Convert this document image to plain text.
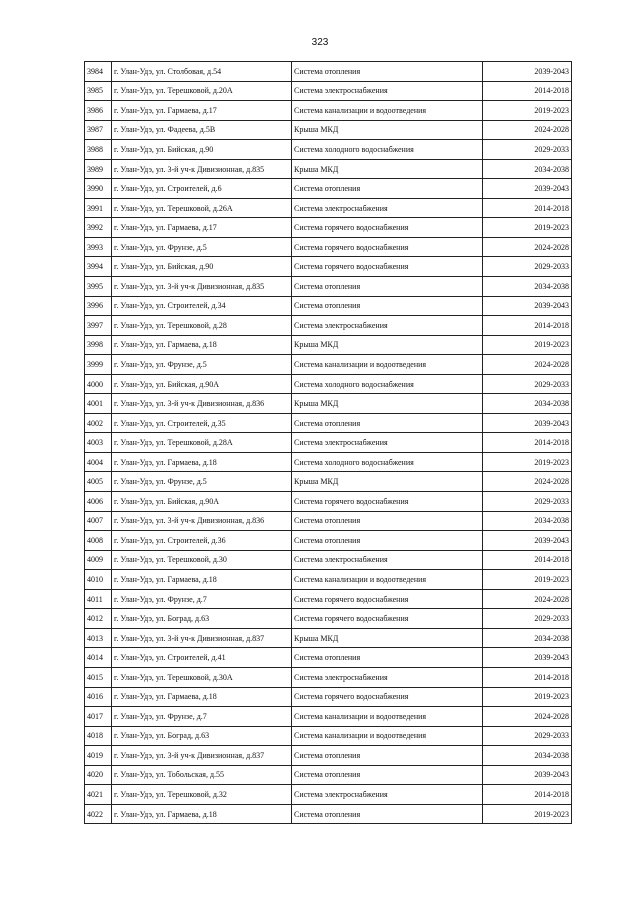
323
3984	г. Улан-Удэ, ул. Столбовая, д.54	Система отопления	2039-2043
3985	г. Улан-Удэ, ул. Терешковой, д.20А	Система электроснабжения	2014-2018
3986	г. Улан-Удэ, ул. Гармаева, д.17	Система канализации и водоотведения	2019-2023
3987	г. Улан-Удэ, ул. Фадеева, д.5В	Крыша МКД	2024-2028
3988	г. Улан-Удэ, ул. Бийская, д.90	Система холодного водоснабжения	2029-2033
3989	г. Улан-Удэ, ул. 3-й уч-к Дивизионная, д.835	Крыша МКД	2034-2038
3990	г. Улан-Удэ, ул. Строителей, д.6	Система отопления	2039-2043
3991	г. Улан-Удэ, ул. Терешковой, д.26А	Система электроснабжения	2014-2018
3992	г. Улан-Удэ, ул. Гармаева, д.17	Система горячего водоснабжения	2019-2023
3993	г. Улан-Удэ, ул. Фрунзе, д.5	Система горячего водоснабжения	2024-2028
3994	г. Улан-Удэ, ул. Бийская, д.90	Система горячего водоснабжения	2029-2033
3995	г. Улан-Удэ, ул. 3-й уч-к Дивизионная, д.835	Система отопления	2034-2038
3996	г. Улан-Удэ, ул. Строителей, д.34	Система отопления	2039-2043
3997	г. Улан-Удэ, ул. Терешковой, д.28	Система электроснабжения	2014-2018
3998	г. Улан-Удэ, ул. Гармаева, д.18	Крыша МКД	2019-2023
3999	г. Улан-Удэ, ул. Фрунзе, д.5	Система канализации и водоотведения	2024-2028
4000	г. Улан-Удэ, ул. Бийская, д.90А	Система холодного водоснабжения	2029-2033
4001	г. Улан-Удэ, ул. 3-й уч-к Дивизионная, д.836	Крыша МКД	2034-2038
4002	г. Улан-Удэ, ул. Строителей, д.35	Система отопления	2039-2043
4003	г. Улан-Удэ, ул. Терешковой, д.28А	Система электроснабжения	2014-2018
4004	г. Улан-Удэ, ул. Гармаева, д.18	Система холодного водоснабжения	2019-2023
4005	г. Улан-Удэ, ул. Фрунзе, д.5	Крыша МКД	2024-2028
4006	г. Улан-Удэ, ул. Бийская, д.90А	Система горячего водоснабжения	2029-2033
4007	г. Улан-Удэ, ул. 3-й уч-к Дивизионная, д.836	Система отопления	2034-2038
4008	г. Улан-Удэ, ул. Строителей, д.36	Система отопления	2039-2043
4009	г. Улан-Удэ, ул. Терешковой, д.30	Система электроснабжения	2014-2018
4010	г. Улан-Удэ, ул. Гармаева, д.18	Система канализации и водоотведения	2019-2023
4011	г. Улан-Удэ, ул. Фрунзе, д.7	Система горячего водоснабжения	2024-2028
4012	г. Улан-Удэ, ул. Боград, д.63	Система горячего водоснабжения	2029-2033
4013	г. Улан-Удэ, ул. 3-й уч-к Дивизионная, д.837	Крыша МКД	2034-2038
4014	г. Улан-Удэ, ул. Строителей, д.41	Система отопления	2039-2043
4015	г. Улан-Удэ, ул. Терешковой, д.30А	Система электроснабжения	2014-2018
4016	г. Улан-Удэ, ул. Гармаева, д.18	Система горячего водоснабжения	2019-2023
4017	г. Улан-Удэ, ул. Фрунзе, д.7	Система канализации и водоотведения	2024-2028
4018	г. Улан-Удэ, ул. Боград, д.63	Система канализации и водоотведения	2029-2033
4019	г. Улан-Удэ, ул. 3-й уч-к Дивизионная, д.837	Система отопления	2034-2038
4020	г. Улан-Удэ, ул. Тобольская, д.55	Система отопления	2039-2043
4021	г. Улан-Удэ, ул. Терешковой, д.32	Система электроснабжения	2014-2018
4022	г. Улан-Удэ, ул. Гармаева, д.18	Система отопления	2019-2023
